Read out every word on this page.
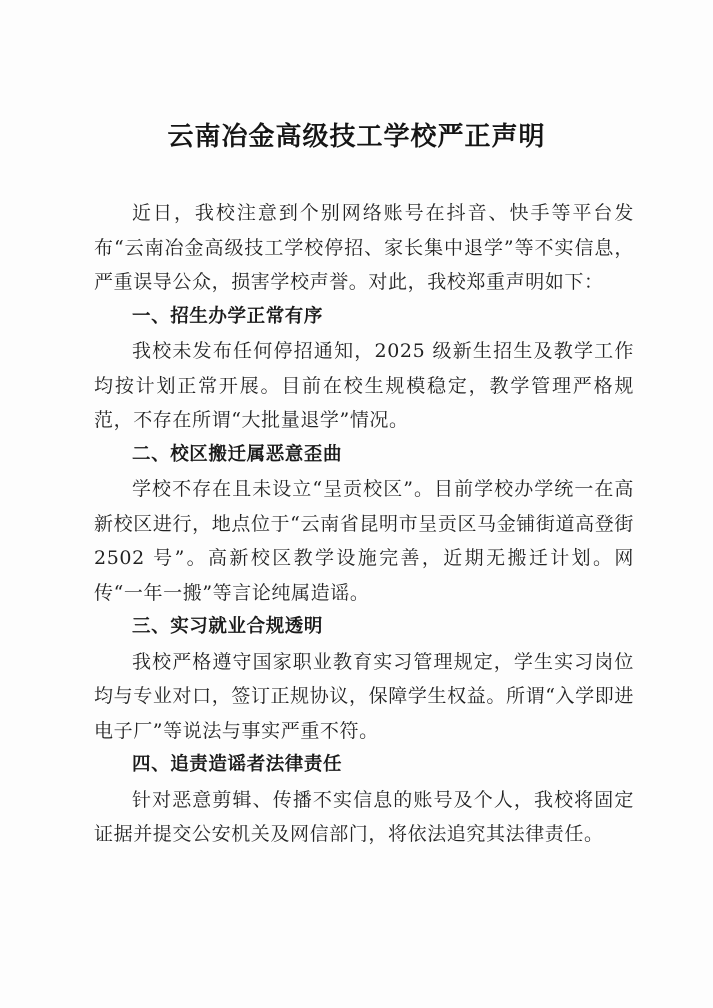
云南冶金高级技工学校严正声明

近日，我校注意到个别网络账号在抖音、快手等平台发布“云南冶金高级技工学校停招、家长集中退学”等不实信息，严重误导公众，损害学校声誉。对此，我校郑重声明如下：

一、招生办学正常有序

我校未发布任何停招通知，2025 级新生招生及教学工作均按计划正常开展。目前在校生规模稳定，教学管理严格规范，不存在所谓“大批量退学”情况。

二、校区搬迁属恶意歪曲

学校不存在且未设立“呈贡校区”。目前学校办学统一在高新校区进行，地点位于“云南省昆明市呈贡区马金铺街道高登街 2502 号”。高新校区教学设施完善，近期无搬迁计划。网传“一年一搬”等言论纯属造谣。

三、实习就业合规透明

我校严格遵守国家职业教育实习管理规定，学生实习岗位均与专业对口，签订正规协议，保障学生权益。所谓“入学即进电子厂”等说法与事实严重不符。

四、追责造谣者法律责任

针对恶意剪辑、传播不实信息的账号及个人，我校将固定证据并提交公安机关及网信部门，将依法追究其法律责任。
